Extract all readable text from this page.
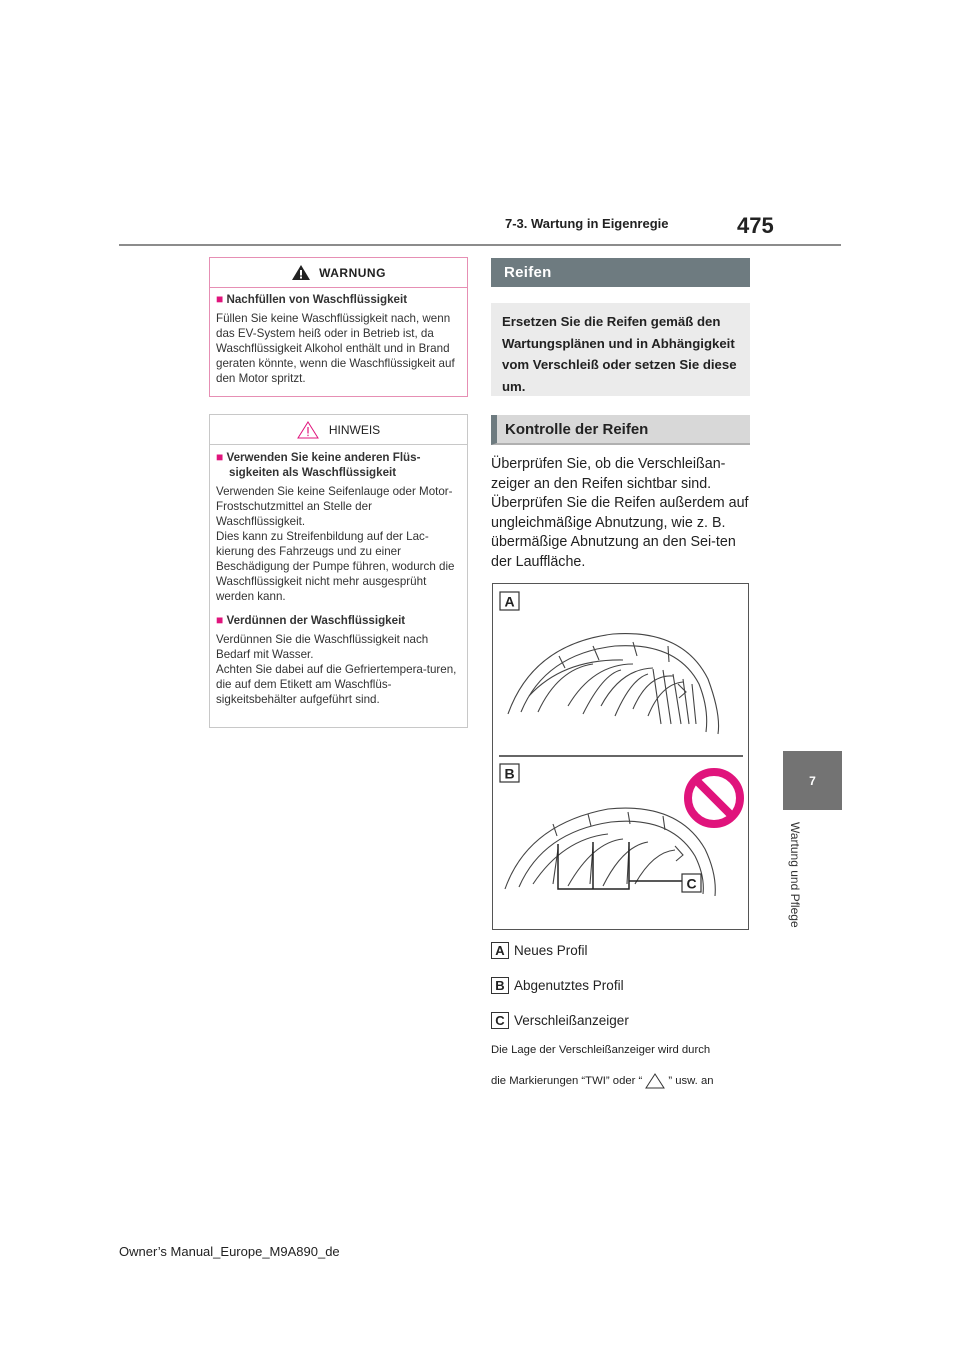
7-3. Wartung in Eigenregie	475
7
Wartung und Pflege
WARNUNG

■ Nachfüllen von Waschflüssigkeit

Füllen Sie keine Waschflüssigkeit nach, wenn das EV-System heiß oder in Betrieb ist, da Waschflüssigkeit Alkohol enthält und in Brand geraten könnte, wenn die Waschflüssigkeit auf den Motor spritzt.

HINWEIS

■ Verwenden Sie keine anderen Flüs-sigkeiten als Waschflüssigkeit

Verwenden Sie keine Seifenlauge oder Motor-Frostschutzmittel an Stelle der Waschflüssigkeit.

Dies kann zu Streifenbildung auf der Lac-kierung des Fahrzeugs und zu einer Beschädigung der Pumpe führen, wodurch die Waschflüssigkeit nicht mehr ausgesprüht werden kann.

■ Verdünnen der Waschflüssigkeit

Verdünnen Sie die Waschflüssigkeit nach Bedarf mit Wasser.

Achten Sie dabei auf die Gefriertempera-turen, die auf dem Etikett am Waschflüs-sigkeitsbehälter aufgeführt sind.

Reifen
Ersetzen Sie die Reifen gemäß den Wartungsplänen und in Abhängigkeit vom Verschleiß oder setzen Sie diese um.
Kontrolle der Reifen

Überprüfen Sie, ob die Verschleißan-zeiger an den Reifen sichtbar sind. Überprüfen Sie die Reifen außerdem auf ungleichmäßige Abnutzung, wie z. B. übermäßige Abnutzung an den Sei-ten der Lauffläche.

A
B
C
A Neues Profil
B Abgenutztes Profil
C Verschleißanzeiger
Die Lage der Verschleißanzeiger wird durch
die Markierungen “TWI” oder “ ” usw. an
Owner’s Manual_Europe_M9A890_de
